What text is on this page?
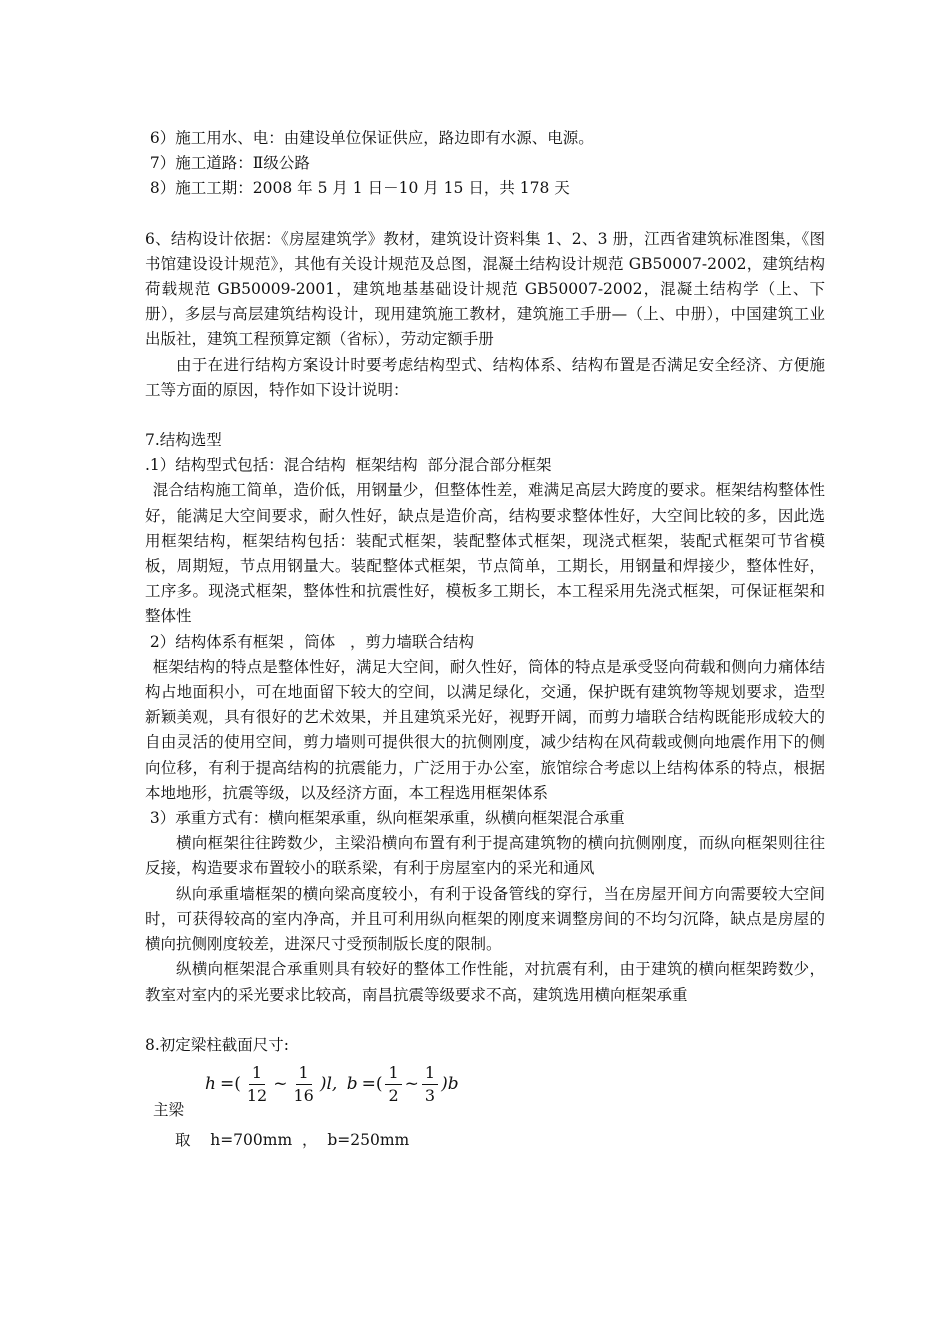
6）施工用水、电：由建设单位保证供应，路边即有水源、电源。
7）施工道路：Ⅱ级公路
8）施工工期：2008 年 5 月 1 日－10 月 15 日，共 178 天
6、结构设计依据：《房屋建筑学》教材，建筑设计资料集 1、2、3 册，江西省建筑标准图集，《图书馆建设设计规范》，其他有关设计规范及总图，混凝土结构设计规范 GB50007-2002，建筑结构荷载规范 GB50009-2001，建筑地基基础设计规范 GB50007-2002，混凝土结构学（上、下册），多层与高层建筑结构设计，现用建筑施工教材，建筑施工手册—（上、中册），中国建筑工业出版社，建筑工程预算定额（省标），劳动定额手册
由于在进行结构方案设计时要考虑结构型式、结构体系、结构布置是否满足安全经济、方便施工等方面的原因，特作如下设计说明：
7.结构选型
.1）结构型式包括：混合结构  框架结构  部分混合部分框架
混合结构施工简单，造价低，用钢量少，但整体性差，难满足高层大跨度的要求。框架结构整体性好，能满足大空间要求，耐久性好，缺点是造价高，结构要求整体性好，大空间比较的多，因此选用框架结构，框架结构包括：装配式框架，装配整体式框架，现浇式框架，装配式框架可节省模板，周期短，节点用钢量大。装配整体式框架，节点简单，工期长，用钢量和焊接少，整体性好，工序多。现浇式框架，整体性和抗震性好，模板多工期长，本工程采用先浇式框架，可保证框架和整体性
2）结构体系有框架 ，筒体   ，剪力墙联合结构
框架结构的特点是整体性好，满足大空间，耐久性好，筒体的特点是承受竖向荷载和侧向力痛体结构占地面积小，可在地面留下较大的空间，以满足绿化，交通，保护既有建筑物等规划要求，造型新颖美观，具有很好的艺术效果，并且建筑采光好，视野开阔，而剪力墙联合结构既能形成较大的自由灵活的使用空间，剪力墙则可提供很大的抗侧刚度，减少结构在风荷载或侧向地震作用下的侧向位移，有利于提高结构的抗震能力，广泛用于办公室，旅馆综合考虑以上结构体系的特点，根据本地地形，抗震等级，以及经济方面，本工程选用框架体系
3）承重方式有：横向框架承重，纵向框架承重，纵横向框架混合承重
横向框架往往跨数少，主梁沿横向布置有利于提高建筑物的横向抗侧刚度，而纵向框架则往往反接，构造要求布置较小的联系梁，有利于房屋室内的采光和通风
纵向承重墙框架的横向梁高度较小，有利于设备管线的穿行，当在房屋开间方向需要较大空间时，可获得较高的室内净高，并且可利用纵向框架的刚度来调整房间的不均匀沉降，缺点是房屋的横向抗侧刚度较差，进深尺寸受预制版长度的限制。
纵横向框架混合承重则具有较好的整体工作性能，对抗震有利，由于建筑的横向框架跨数少，教室对室内的采光要求比较高，南昌抗震等级要求不高，建筑选用横向框架承重
8.初定梁柱截面尺寸:
主梁
h =( $\frac{1}{12}$ ~ $\frac{1}{16} )l$, b =( $\frac{1}{2}$ ~ $\frac{1}{3} )b$
取    h=700mm  ，  b=250mm
